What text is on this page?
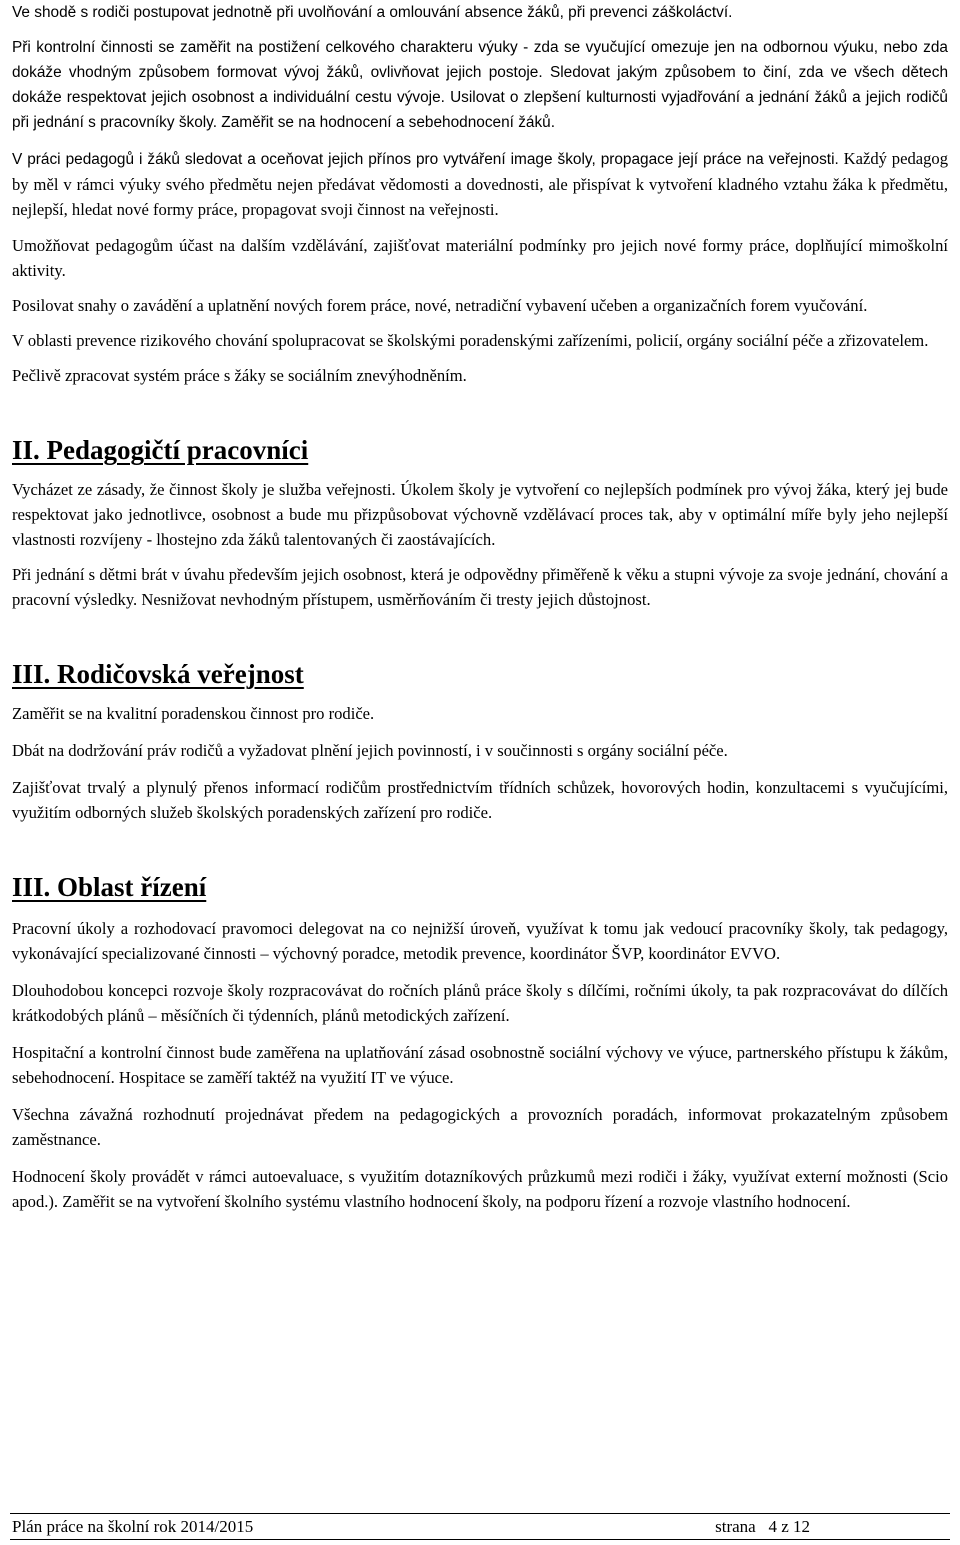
Ve shodě s rodiči postupovat jednotně při uvolňování a omlouvání absence žáků, při prevenci záškoláctví.

Při kontrolní činnosti se zaměřit na postižení celkového charakteru výuky - zda se vyučující omezuje jen na odbornou výuku, nebo zda dokáže vhodným způsobem formovat vývoj žáků, ovlivňovat jejich postoje. Sledovat jakým způsobem to činí, zda ve všech dětech dokáže respektovat jejich osobnost a individuální cestu vývoje. Usilovat o zlepšení kulturnosti vyjadřování a jednání žáků a jejich rodičů při jednání s pracovníky školy. Zaměřit se na hodnocení a sebehodnocení žáků.

V práci pedagogů i žáků sledovat a oceňovat jejich přínos pro vytváření image školy, propagace její práce na veřejnosti. Každý pedagog by měl v rámci výuky svého předmětu nejen předávat vědomosti a dovednosti, ale přispívat k vytvoření kladného vztahu žáka k předmětu, nejlepší, hledat nové formy práce, propagovat svoji činnost na veřejnosti.

Umožňovat pedagogům účast na dalším vzdělávání, zajišťovat materiální podmínky pro jejich nové formy práce, doplňující mimoškolní aktivity.

Posilovat snahy o zavádění a uplatnění nových forem práce, nové, netradiční vybavení učeben a organizačních forem vyučování.

V oblasti prevence rizikového chování spolupracovat se školskými poradenskými zařízeními, policií, orgány sociální péče a zřizovatelem.

Pečlivě zpracovat systém práce s žáky se sociálním znevýhodněním.

II. Pedagogičtí pracovníci

Vycházet ze zásady, že činnost školy je služba veřejnosti. Úkolem školy je vytvoření co nejlepších podmínek pro vývoj žáka, který jej bude respektovat jako jednotlivce, osobnost a bude mu přizpůsobovat výchovně vzdělávací proces tak, aby v optimální míře byly jeho nejlepší vlastnosti rozvíjeny - lhostejno zda žáků talentovaných či zaostávajících.

Při jednání s dětmi brát v úvahu především jejich osobnost, která je odpovědny přiměřeně k věku a stupni vývoje za svoje jednání, chování a pracovní výsledky. Nesnižovat nevhodným přístupem, usměrňováním či tresty jejich důstojnost.

III. Rodičovská veřejnost

Zaměřit se na kvalitní poradenskou činnost pro rodiče.

Dbát na dodržování práv rodičů a vyžadovat plnění jejich povinností, i v součinnosti s orgány sociální péče.

Zajišťovat trvalý a plynulý přenos informací rodičům prostřednictvím třídních schůzek, hovorových hodin, konzultacemi s vyučujícími, využitím odborných služeb školských poradenských zařízení pro rodiče.

III. Oblast řízení

Pracovní úkoly a rozhodovací pravomoci delegovat na co nejnižší úroveň, využívat k tomu jak vedoucí pracovníky školy, tak pedagogy, vykonávající specializované činnosti – výchovný poradce, metodik prevence, koordinátor ŠVP, koordinátor EVVO.

Dlouhodobou koncepci rozvoje školy rozpracovávat do ročních plánů práce školy s dílčími, ročními úkoly, ta pak rozpracovávat do dílčích krátkodobých plánů – měsíčních či týdenních, plánů metodických zařízení.

Hospitační a kontrolní činnost bude zaměřena na uplatňování zásad osobnostně sociální výchovy ve výuce, partnerského přístupu k žákům, sebehodnocení. Hospitace se zaměří taktéž na využití IT ve výuce.

Všechna závažná rozhodnutí projednávat předem na pedagogických a provozních poradách, informovat prokazatelným způsobem zaměstnance.

Hodnocení školy provádět v rámci autoevaluace, s využitím dotazníkových průzkumů mezi rodiči i žáky, využívat externí možnosti (Scio apod.). Zaměřit se na vytvoření školního systému vlastního hodnocení školy, na podporu řízení a rozvoje vlastního hodnocení.

Plán práce na školní rok 2014/2015	strana   4 z 12
